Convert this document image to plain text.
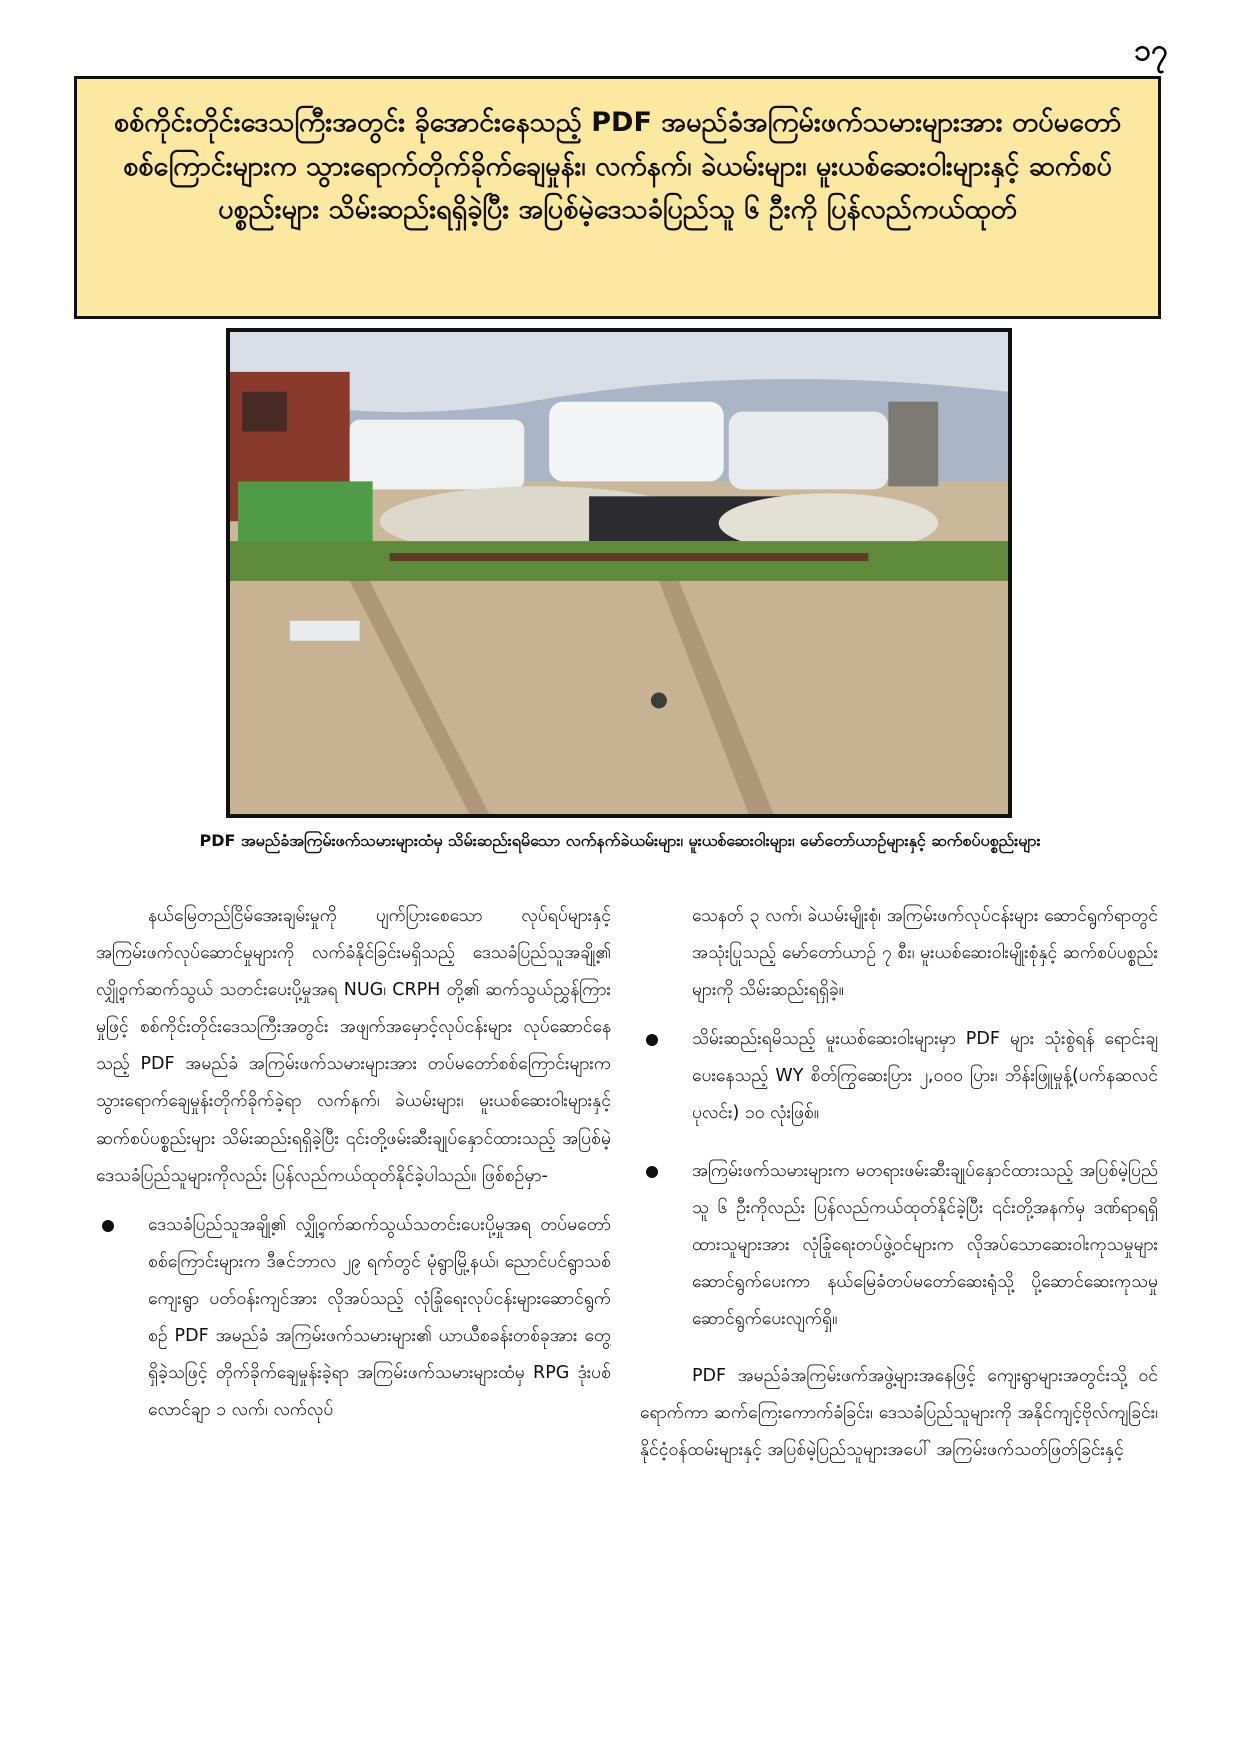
၁၇
စစ်ကိုင်းတိုင်းဒေသကြီးအတွင်း ခိုအောင်းနေသည့် PDF အမည်ခံအကြမ်းဖက်သမားများအား တပ်မတော်စစ်ကြောင်းများက သွားရောက်တိုက်ခိုက်ချေမှုန်း၊ လက်နက်၊ ခဲယမ်းများ၊ မူးယစ်ဆေးဝါးများနှင့် ဆက်စပ်ပစ္စည်းများ သိမ်းဆည်းရရှိခဲ့ပြီး အပြစ်မဲ့ဒေသခံပြည်သူ ၆ ဦးကို ပြန်လည်ကယ်ထုတ်
PDF အမည်ခံအကြမ်းဖက်သမားများထံမှ သိမ်းဆည်းရမိသော လက်နက်ခဲယမ်းများ၊ မူးယစ်ဆေးဝါးများ၊ မော်တော်ယာဉ်များနှင့် ဆက်စပ်ပစ္စည်းများ

နယ်မြေတည်ငြိမ်အေးချမ်းမှုကို ပျက်ပြားစေသော လုပ်ရပ်များနှင့် အကြမ်းဖက်လုပ်ဆောင်မှုများကို လက်ခံနိုင်ခြင်းမရှိသည့် ဒေသခံပြည်သူအချို့၏ လျှို့ဝှက်ဆက်သွယ် သတင်းပေးပို့မှုအရ NUG၊ CRPH တို့၏ ဆက်သွယ်ညွှန်ကြားမှုဖြင့် စစ်ကိုင်းတိုင်းဒေသကြီးအတွင်း အဖျက်အမှောင့်လုပ်ငန်းများ လုပ်ဆောင်နေသည့် PDF အမည်ခံ အကြမ်းဖက်သမားများအား တပ်မတော်စစ်ကြောင်းများက သွားရောက်ချေမှုန်းတိုက်ခိုက်ခဲ့ရာ လက်နက်၊ ခဲယမ်းများ၊ မူးယစ်ဆေးဝါးများနှင့်ဆက်စပ်ပစ္စည်းများ သိမ်းဆည်းရရှိခဲ့ပြီး ၎င်းတို့ဖမ်းဆီးချုပ်နှောင်ထားသည့် အပြစ်မဲ့ဒေသခံပြည်သူများကိုလည်း ပြန်လည်ကယ်ထုတ်နိုင်ခဲ့ပါသည်။ ဖြစ်စဉ်မှာ-

ဒေသခံပြည်သူအချို့၏ လျှို့ဝှက်ဆက်သွယ်သတင်းပေးပို့မှုအရ တပ်မတော်စစ်ကြောင်းများက ဒီဇင်ဘာလ ၂၉ ရက်တွင် မုံရွာမြို့နယ်၊ ညောင်ပင်ရွာသစ်ကျေးရွာ ပတ်ဝန်းကျင်အား လိုအပ်သည့် လုံခြုံရေးလုပ်ငန်းများဆောင်ရွက်စဉ် PDF အမည်ခံ အကြမ်းဖက်သမားများ၏ ယာယီစခန်းတစ်ခုအား တွေ့ရှိခဲ့သဖြင့် တိုက်ခိုက်ချေမှုန်းခဲ့ရာ အကြမ်းဖက်သမားများထံမှ RPG ဒုံးပစ်လောင်ချာ ၁ လက်၊ လက်လုပ်

သေနတ် ၃ လက်၊ ခဲယမ်းမျိုးစုံ၊ အကြမ်းဖက်လုပ်ငန်းများ ဆောင်ရွက်ရာတွင် အသုံးပြုသည့် မော်တော်ယာဉ် ၇ စီး၊ မူးယစ်ဆေးဝါးမျိုးစုံနှင့် ဆက်စပ်ပစ္စည်းများကို သိမ်းဆည်းရရှိခဲ့။

သိမ်းဆည်းရမိသည့် မူးယစ်ဆေးဝါးများမှာ PDF များ သုံးစွဲရန် ရောင်းချပေးနေသည့် WY စိတ်ကြွဆေးပြား ၂,၀၀၀ ပြား၊ ဘိန်းဖြူမှုန့်(ပက်နဆလင်ပုလင်း) ၁၀ လုံးဖြစ်။
အကြမ်းဖက်သမားများက မတရားဖမ်းဆီးချုပ်နှောင်ထားသည့် အပြစ်မဲ့ပြည်သူ ၆ ဦးကိုလည်း ပြန်လည်ကယ်ထုတ်နိုင်ခဲ့ပြီး ၎င်းတို့အနက်မှ ဒဏ်ရာရရှိထားသူများအား လုံခြုံရေးတပ်ဖွဲ့ဝင်များက လိုအပ်သောဆေးဝါးကုသမှုများ ဆောင်ရွက်ပေးကာ နယ်မြေခံတပ်မတော်ဆေးရုံသို့ ပို့ဆောင်ဆေးကုသမှု ဆောင်ရွက်ပေးလျက်ရှိ။

PDF အမည်ခံအကြမ်းဖက်အဖွဲ့များအနေဖြင့် ကျေးရွာများအတွင်းသို့ ဝင်ရောက်ကာ ဆက်ကြေးကောက်ခံခြင်း၊ ဒေသခံပြည်သူများကို အနိုင်ကျင့်ဗိုလ်ကျခြင်း၊ နိုင်ငံ့ဝန်ထမ်းများနှင့် အပြစ်မဲ့ပြည်သူများအပေါ် အကြမ်းဖက်သတ်ဖြတ်ခြင်းနှင့်
